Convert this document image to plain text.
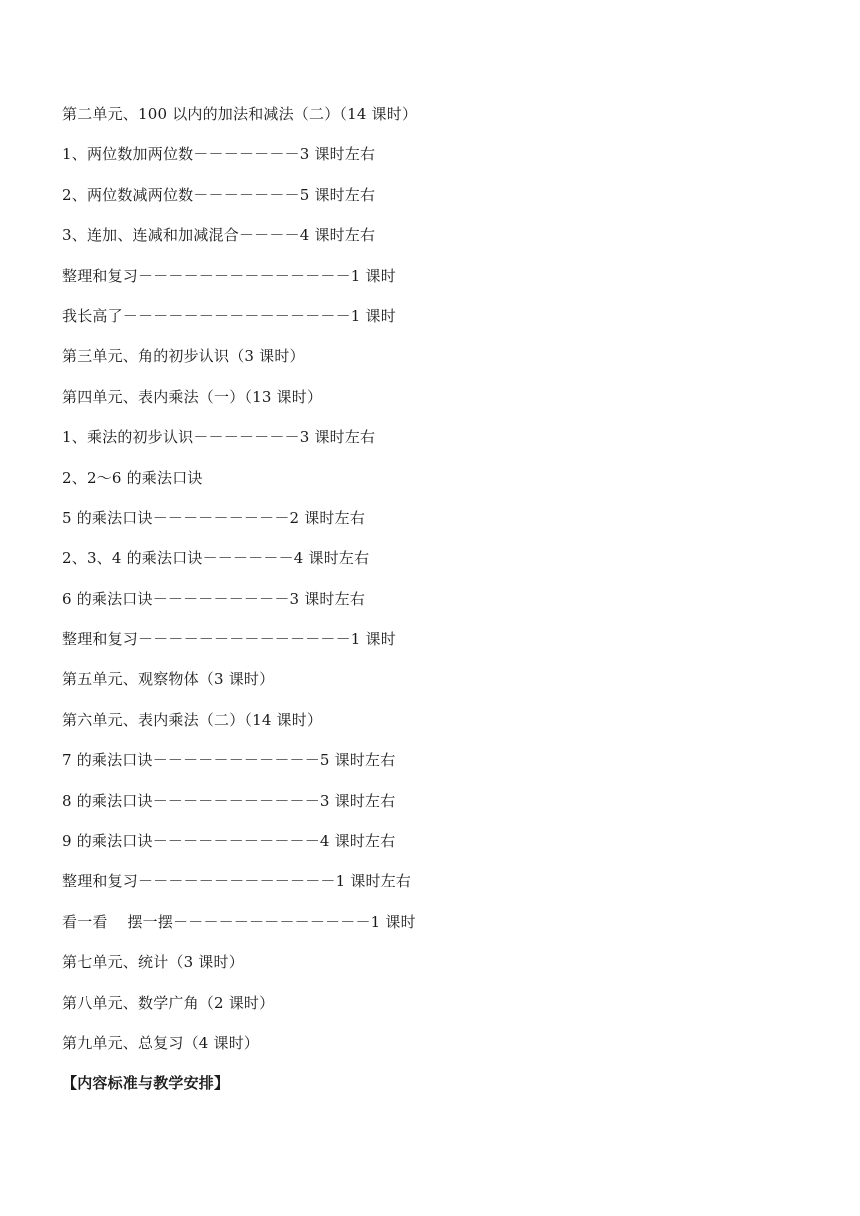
第二单元、100 以内的加法和减法（二）（14 课时）
1、两位数加两位数－－－－－－－3 课时左右
2、两位数减两位数－－－－－－－5 课时左右
3、连加、连减和加减混合－－－－4 课时左右
整理和复习－－－－－－－－－－－－－－1 课时
我长高了－－－－－－－－－－－－－－－1 课时
第三单元、角的初步认识（3 课时）
第四单元、表内乘法（一）（13 课时）
1、乘法的初步认识－－－－－－－3 课时左右
2、2～6 的乘法口诀
5 的乘法口诀－－－－－－－－－2 课时左右
2、3、4 的乘法口诀－－－－－－4 课时左右
6 的乘法口诀－－－－－－－－－3 课时左右
整理和复习－－－－－－－－－－－－－－1 课时
第五单元、观察物体（3 课时）
第六单元、表内乘法（二）（14 课时）
7 的乘法口诀－－－－－－－－－－－5 课时左右
8 的乘法口诀－－－－－－－－－－－3 课时左右
9 的乘法口诀－－－－－－－－－－－4 课时左右
整理和复习－－－－－－－－－－－－－1 课时左右
看一看    摆一摆－－－－－－－－－－－－－1 课时
第七单元、统计（3 课时）
第八单元、数学广角（2 课时）
第九单元、总复习（4 课时）
【内容标准与教学安排】
